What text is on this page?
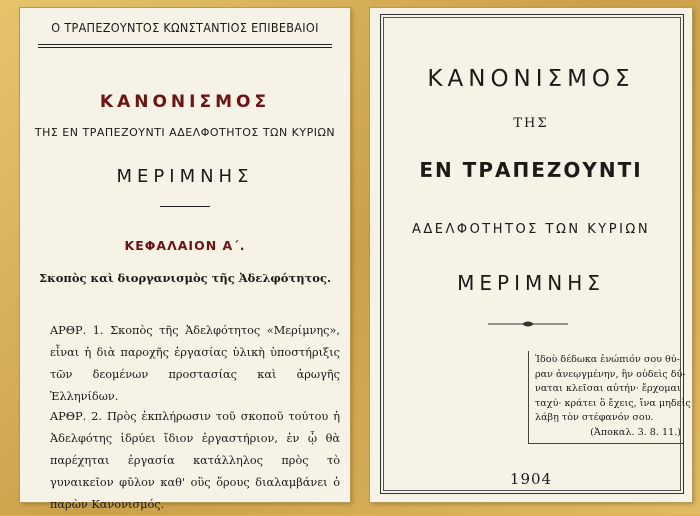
Ο ΤΡΑΠΕΖΟΥΝΤΟΣ ΚΩΝΣΤΑΝΤΙΟΣ ΕΠΙΒΕΒΑΙΟΙ
ΚΑΝΟΝΙΣΜΟΣ
ΤΗΣ ΕΝ ΤΡΑΠΕΖΟΥΝΤΙ ΑΔΕΛΦΟΤΗΤΟΣ ΤΩΝ ΚΥΡΙΩΝ
ΜΕΡΙΜΝΗΣ
ΚΕΦΑΛΑΙΟΝ Α΄.
Σκοπὸς καὶ διοργανισμὸς τῆς Ἀδελφότητος.
ΑΡΘΡ. 1. Σκοπὸς τῆς Ἀδελφότητος «Μερίμνης», εἶναι ἡ διὰ παροχῆς ἐργασίας ὑλικὴ ὑποστήριξις τῶν δεομένων προστασίας καὶ ἀρωγῆς Ἑλληνίδων.
ΑΡΘΡ. 2. Πρὸς ἐκπλήρωσιν τοῦ σκοποῦ τούτου ἡ Ἀδελφότης ἱδρύει ἴδιον ἐργαστήριον, ἐν ᾧ θὰ παρέχηται ἐργασία κατάλληλος πρὸς τὸ γυναικεῖον φῦλον καθ' οὓς ὅρους διαλαμβάνει ὁ παρὼν Κανονισμός.
ΚΑΝΟΝΙΣΜΟΣ
ΤΗΣ
ΕΝ ΤΡΑΠΕΖΟΥΝΤΙ
ΑΔΕΛΦΟΤΗΤΟΣ ΤΩΝ ΚΥΡΙΩΝ
ΜΕΡΙΜΝΗΣ
Ἰδοὺ δέδωκα ἐνώπιόν σου θύ-
ραν ἀνεῳγμένην, ἣν οὐδεὶς δύ-
ναται κλεῖσαι αὐτήν· ἔρχομαι
ταχύ· κράτει ὃ ἔχεις, ἵνα μηδεὶς
λάβῃ τὸν στέφανόν σου.
(Ἀποκαλ. 3. 8. 11.)
1904
